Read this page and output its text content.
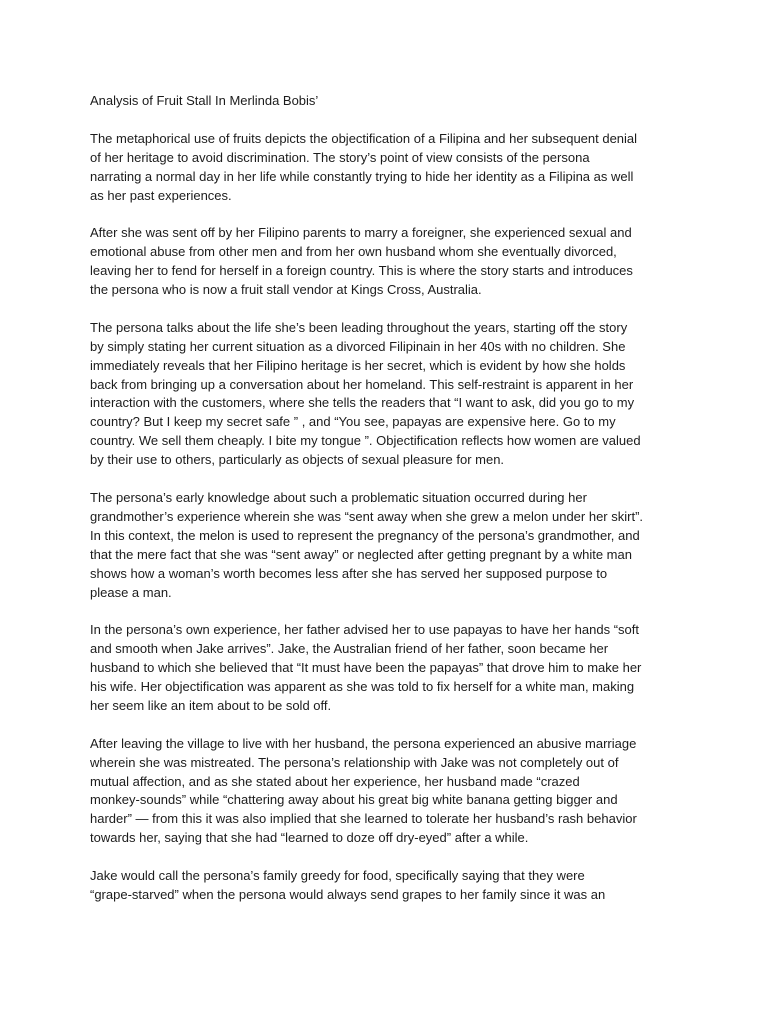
Analysis of Fruit Stall In Merlinda Bobis’
The metaphorical use of fruits depicts the objectification of a Filipina and her subsequent denial
of her heritage to avoid discrimination. The story’s point of view consists of the persona
narrating a normal day in her life while constantly trying to hide her identity as a Filipina as well
as her past experiences.
After she was sent off by her Filipino parents to marry a foreigner, she experienced sexual and
emotional abuse from other men and from her own husband whom she eventually divorced,
leaving her to fend for herself in a foreign country. This is where the story starts and introduces
the persona who is now a fruit stall vendor at Kings Cross, Australia.
The persona talks about the life she’s been leading throughout the years, starting off the story
by simply stating her current situation as a divorced Filipinain in her 40s with no children. She
immediately reveals that her Filipino heritage is her secret, which is evident by how she holds
back from bringing up a conversation about her homeland. This self-restraint is apparent in her
interaction with the customers, where she tells the readers that “I want to ask, did you go to my
country? But I keep my secret safe ” , and “You see, papayas are expensive here. Go to my
country. We sell them cheaply. I bite my tongue ”. Objectification reflects how women are valued
by their use to others, particularly as objects of sexual pleasure for men.
The persona’s early knowledge about such a problematic situation occurred during her
grandmother’s experience wherein she was “sent away when she grew a melon under her skirt”.
In this context, the melon is used to represent the pregnancy of the persona’s grandmother, and
that the mere fact that she was “sent away” or neglected after getting pregnant by a white man
shows how a woman’s worth becomes less after she has served her supposed purpose to
please a man.
In the persona’s own experience, her father advised her to use papayas to have her hands “soft
and smooth when Jake arrives”. Jake, the Australian friend of her father, soon became her
husband to which she believed that “It must have been the papayas” that drove him to make her
his wife. Her objectification was apparent as she was told to fix herself for a white man, making
her seem like an item about to be sold off.
After leaving the village to live with her husband, the persona experienced an abusive marriage
wherein she was mistreated. The persona’s relationship with Jake was not completely out of
mutual affection, and as she stated about her experience, her husband made “crazed
monkey-sounds” while “chattering away about his great big white banana getting bigger and
harder” — from this it was also implied that she learned to tolerate her husband’s rash behavior
towards her, saying that she had “learned to doze off dry-eyed” after a while.
Jake would call the persona’s family greedy for food, specifically saying that they were
“grape-starved” when the persona would always send grapes to her family since it was an
